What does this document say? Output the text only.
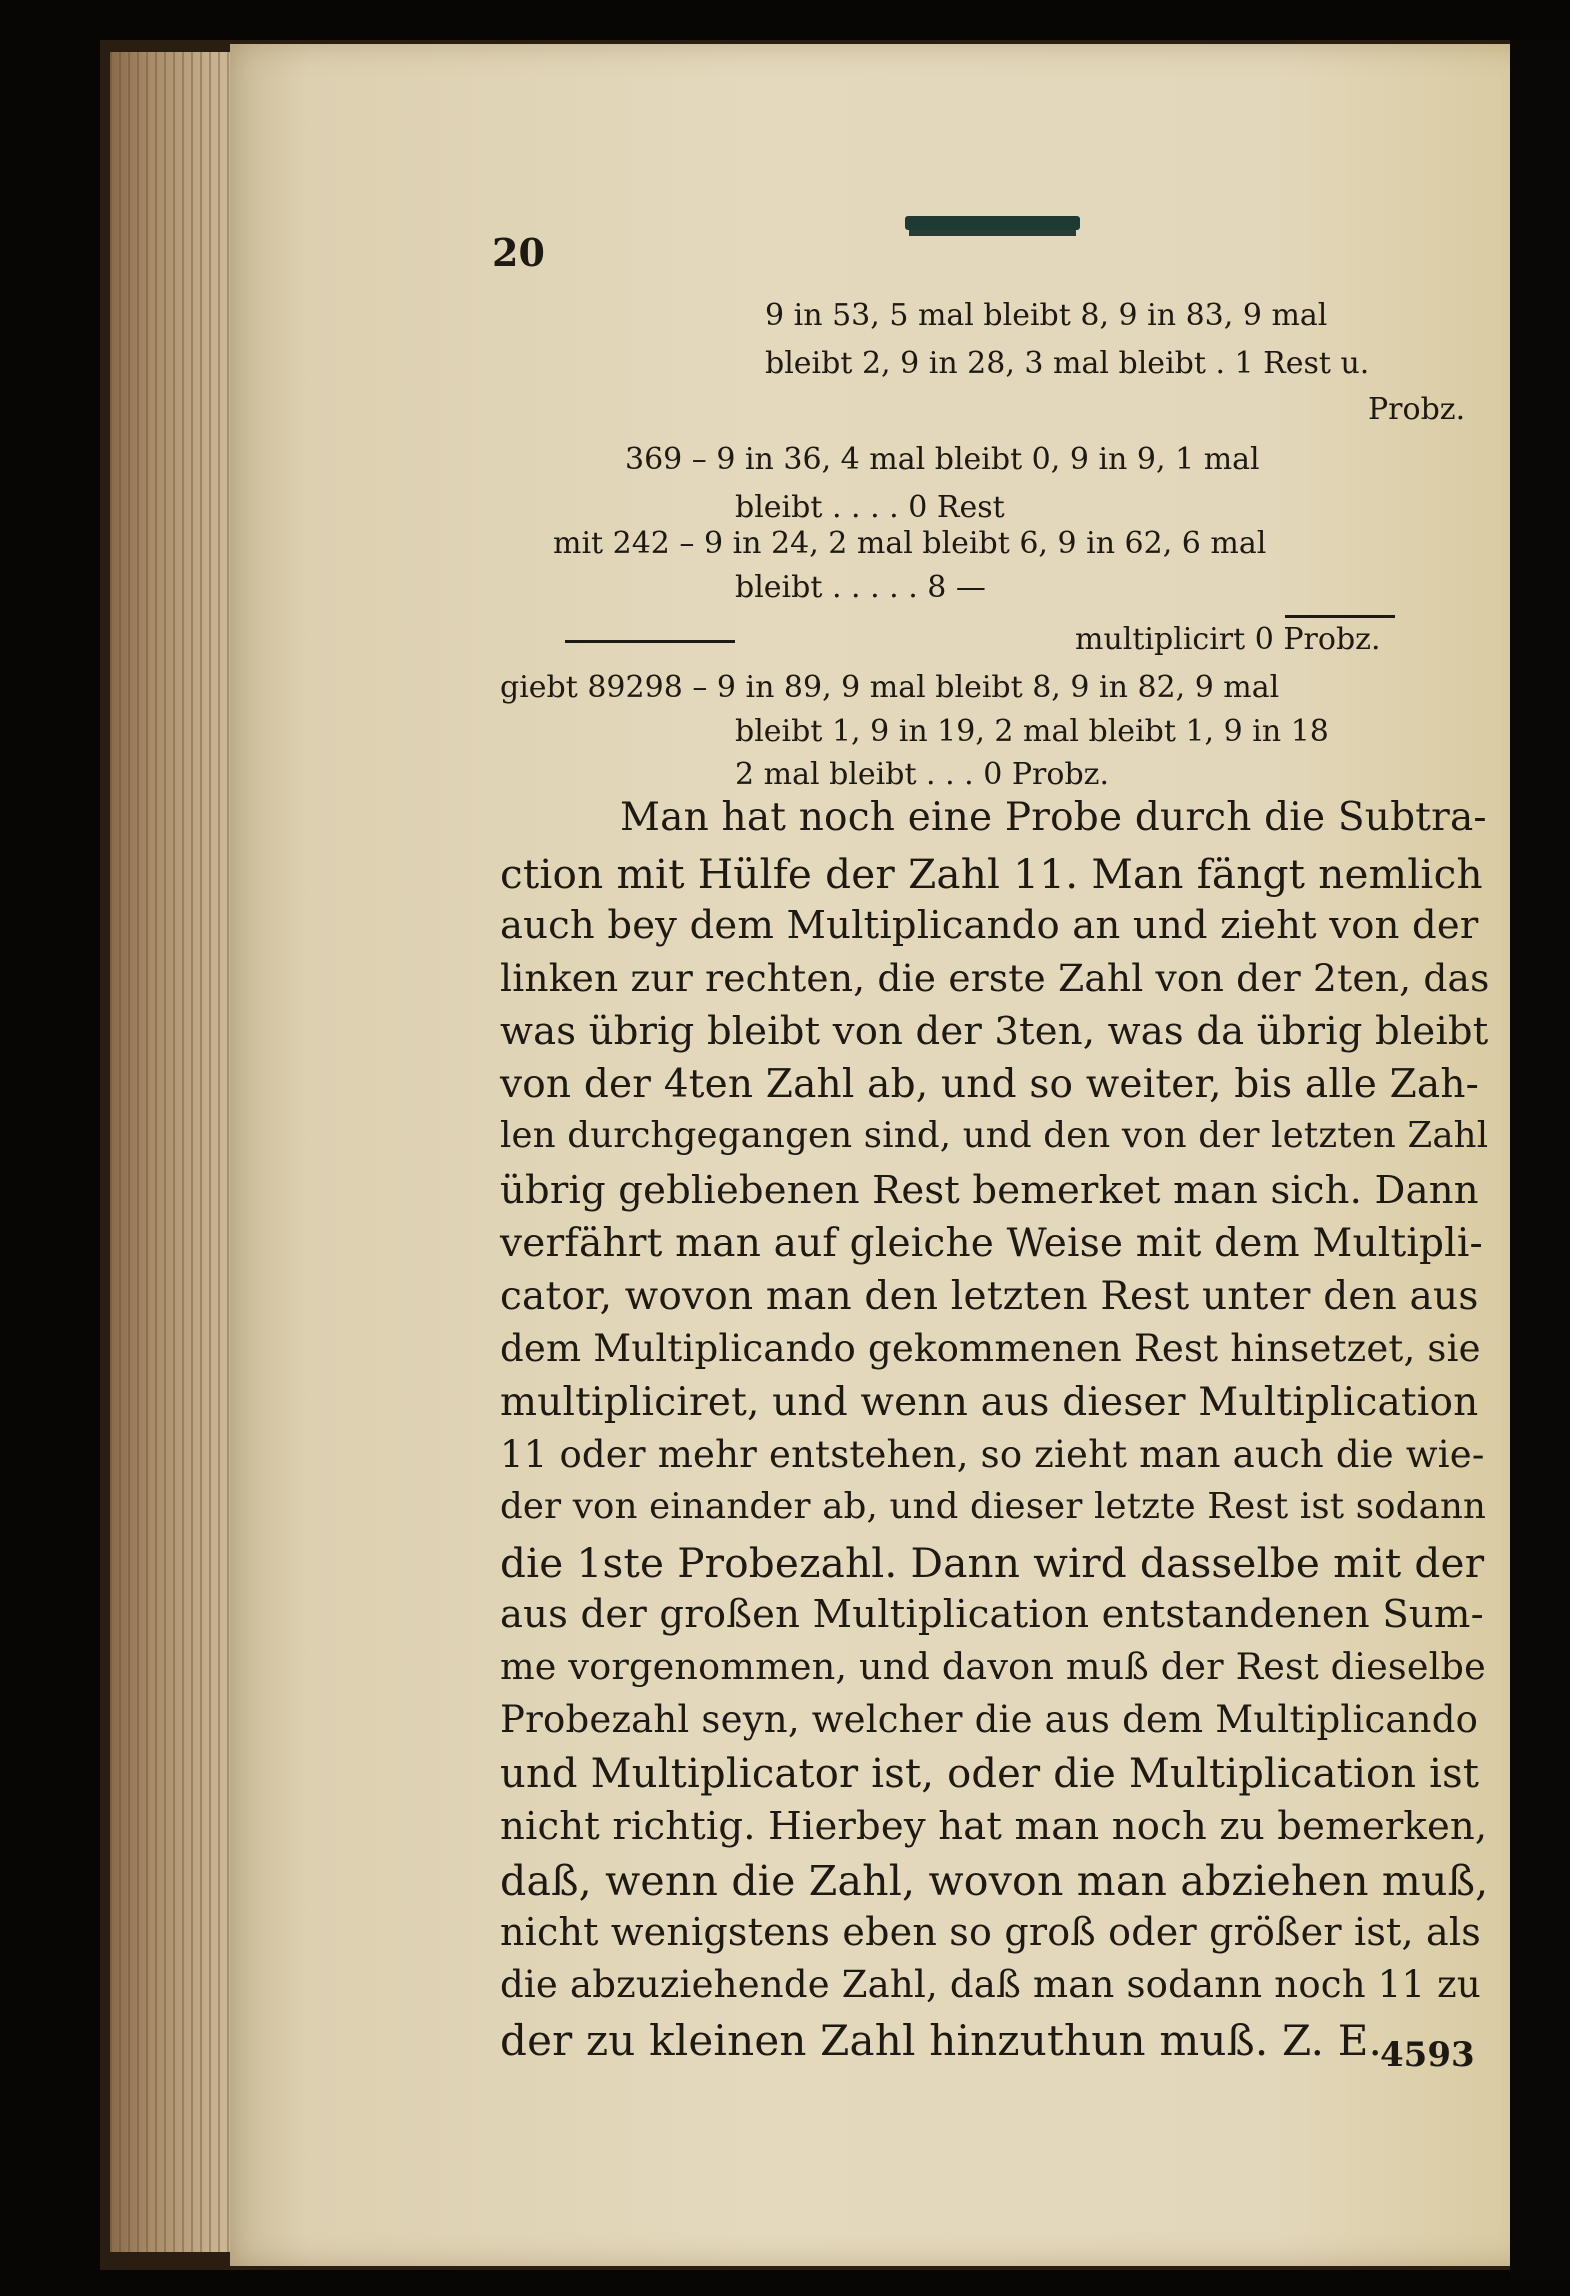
20
9 in 53, 5 mal bleibt 8, 9 in 83, 9 mal
bleibt 2, 9 in 28, 3 mal bleibt . 1 Rest u.
Probz.
369 – 9 in 36, 4 mal bleibt 0, 9 in 9, 1 mal
bleibt . . . . 0 Rest
mit 242 – 9 in 24, 2 mal bleibt 6, 9 in 62, 6 mal
bleibt . . . . . 8 —
multiplicirt 0 Probz.
giebt 89298 – 9 in 89, 9 mal bleibt 8, 9 in 82, 9 mal
bleibt 1, 9 in 19, 2 mal bleibt 1, 9 in 18
2 mal bleibt . . . 0 Probz.
Man hat noch eine Probe durch die Subtra-
ction mit Hülfe der Zahl 11. Man fängt nemlich
auch bey dem Multiplicando an und zieht von der
linken zur rechten, die erste Zahl von der 2ten, das
was übrig bleibt von der 3ten, was da übrig bleibt
von der 4ten Zahl ab, und so weiter, bis alle Zah-
len durchgegangen sind, und den von der letzten Zahl
übrig gebliebenen Rest bemerket man sich. Dann
verfährt man auf gleiche Weise mit dem Multipli-
cator, wovon man den letzten Rest unter den aus
dem Multiplicando gekommenen Rest hinsetzet, sie
multipliciret, und wenn aus dieser Multiplication
11 oder mehr entstehen, so zieht man auch die wie-
der von einander ab, und dieser letzte Rest ist sodann
die 1ste Probezahl. Dann wird dasselbe mit der
aus der großen Multiplication entstandenen Sum-
me vorgenommen, und davon muß der Rest dieselbe
Probezahl seyn, welcher die aus dem Multiplicando
und Multiplicator ist, oder die Multiplication ist
nicht richtig. Hierbey hat man noch zu bemerken,
daß, wenn die Zahl, wovon man abziehen muß,
nicht wenigstens eben so groß oder größer ist, als
die abzuziehende Zahl, daß man sodann noch 11 zu
der zu kleinen Zahl hinzuthun muß. Z. E.
4593
